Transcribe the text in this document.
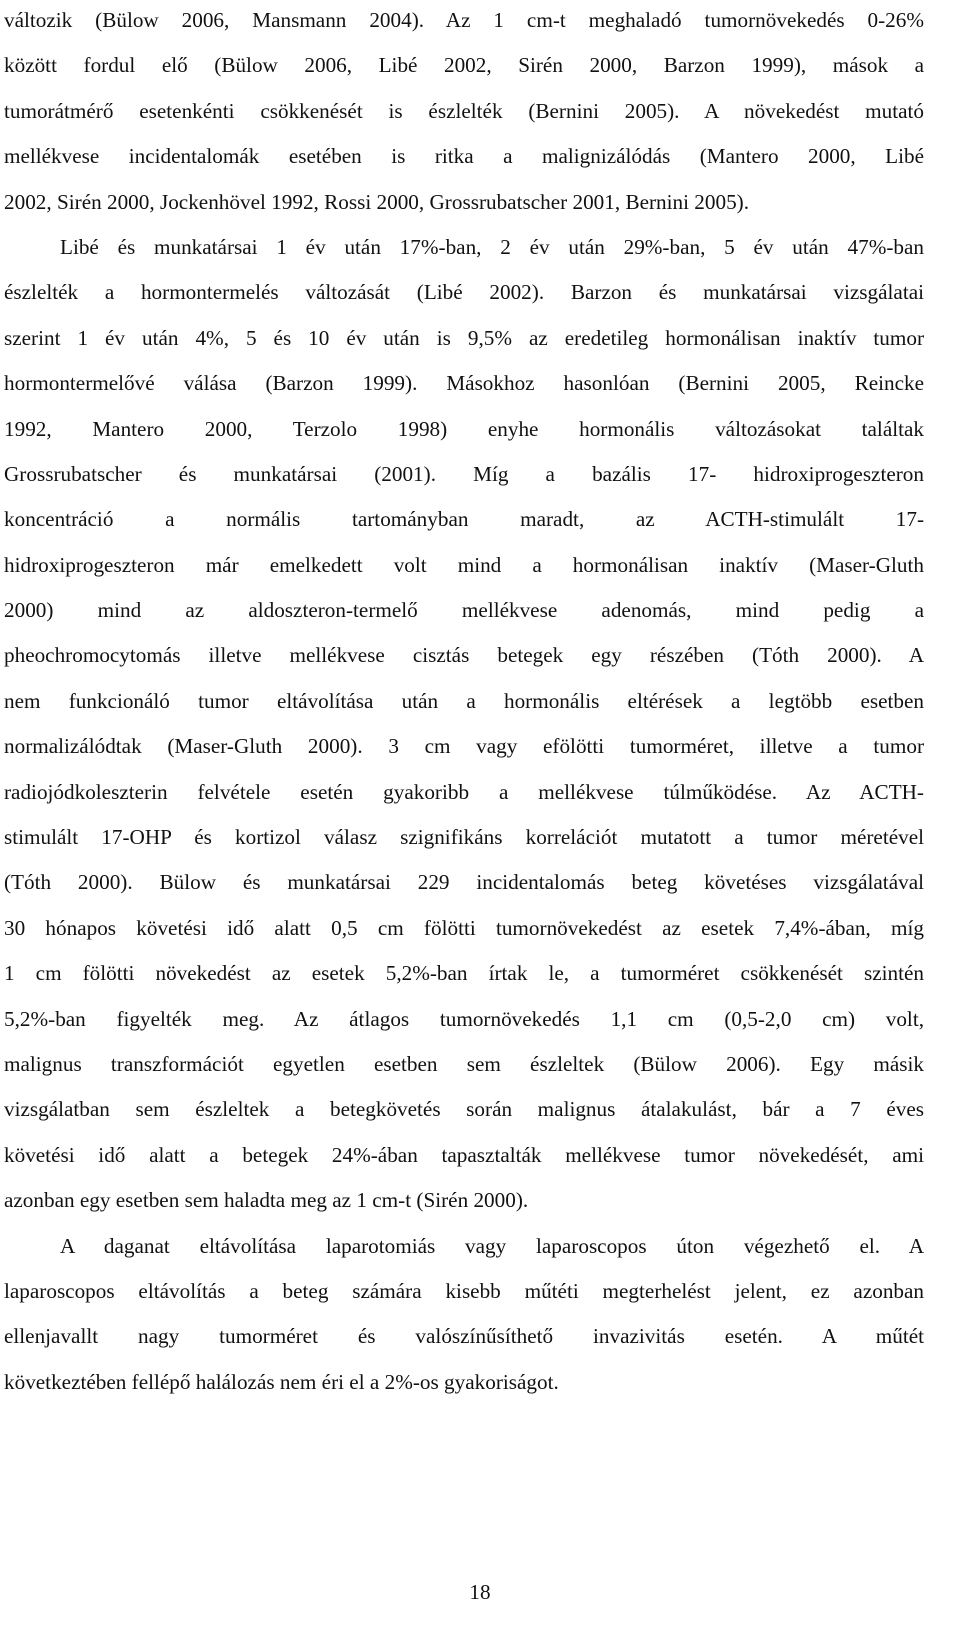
változik (Bülow 2006, Mansmann 2004). Az 1 cm-t meghaladó tumornövekedés 0-26%
között fordul elő (Bülow 2006, Libé 2002, Sirén 2000, Barzon 1999), mások a
tumorátmérő esetenkénti csökkenését is észlelték (Bernini 2005). A növekedést mutató
mellékvese incidentalomák esetében is ritka a malignizálódás (Mantero 2000, Libé
2002, Sirén 2000, Jockenhövel 1992, Rossi 2000, Grossrubatscher 2001, Bernini 2005).
Libé és munkatársai 1 év után 17%-ban, 2 év után 29%-ban, 5 év után 47%-ban
észlelték a hormontermelés változását (Libé 2002). Barzon és munkatársai vizsgálatai
szerint 1 év után 4%, 5 és 10 év után is 9,5% az eredetileg hormonálisan inaktív tumor
hormontermelővé válása (Barzon 1999). Másokhoz hasonlóan (Bernini 2005, Reincke
1992, Mantero 2000, Terzolo 1998) enyhe hormonális változásokat találtak
Grossrubatscher és munkatársai (2001). Míg a bazális 17- hidroxiprogeszteron
koncentráció a normális tartományban maradt, az ACTH-stimulált 17-
hidroxiprogeszteron már emelkedett volt mind a hormonálisan inaktív (Maser-Gluth
2000) mind az aldoszteron-termelő mellékvese adenomás, mind pedig a
pheochromocytomás illetve mellékvese cisztás betegek egy részében (Tóth 2000). A
nem funkcionáló tumor eltávolítása után a hormonális eltérések a legtöbb esetben
normalizálódtak (Maser-Gluth 2000). 3 cm vagy efölötti tumorméret, illetve a tumor
radiojódkoleszterin felvétele esetén gyakoribb a mellékvese túlműködése. Az ACTH-
stimulált 17-OHP és kortizol válasz szignifikáns korrelációt mutatott a tumor méretével
(Tóth 2000). Bülow és munkatársai 229 incidentalomás beteg követéses vizsgálatával
30 hónapos követési idő alatt 0,5 cm fölötti tumornövekedést az esetek 7,4%-ában, míg
1 cm fölötti növekedést az esetek 5,2%-ban írtak le, a tumorméret csökkenését szintén
5,2%-ban figyelték meg. Az átlagos tumornövekedés 1,1 cm (0,5-2,0 cm) volt,
malignus transzformációt egyetlen esetben sem észleltek (Bülow 2006). Egy másik
vizsgálatban sem észleltek a betegkövetés során malignus átalakulást, bár a 7 éves
követési idő alatt a betegek 24%-ában tapasztalták mellékvese tumor növekedését, ami
azonban egy esetben sem haladta meg az 1 cm-t (Sirén 2000).
A daganat eltávolítása laparotomiás vagy laparoscopos úton végezhető el. A
laparoscopos eltávolítás a beteg számára kisebb műtéti megterhelést jelent, ez azonban
ellenjavallt nagy tumorméret és valószínűsíthető invazivitás esetén. A műtét
következtében fellépő halálozás nem éri el a 2%-os gyakoriságot.
18
